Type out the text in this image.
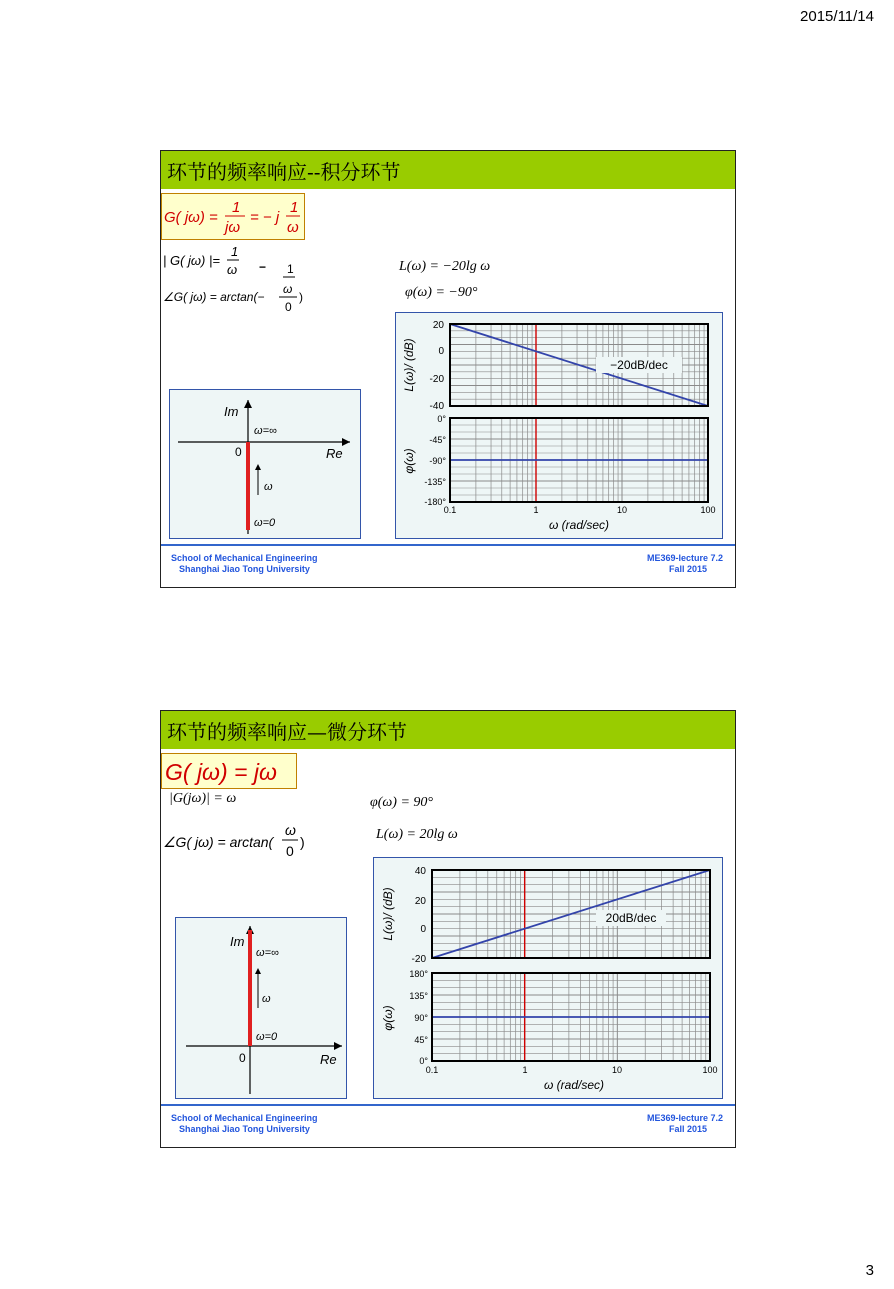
2015/11/14
环节的频率响应--积分环节
G( jω) =
1
jω
= − j
1
ω
| G( jω) |=
1
ω − 1
∠G( jω) = arctan(−
ω
0
)
L(ω) = −20lg ω
φ(ω) = −90°
Im
Re
0
ω=∞
ω
ω=0
20
0
-20
-40
0°
-45°
-90°
-135°
-180°
0.1	1	10	100
ω (rad/sec)
L(ω)/ (dB)
φ(ω)
−20dB/dec
School of Mechanical Engineering
Shanghai Jiao Tong University
ME369-lecture 7.2
Fall 2015
环节的频率响应—微分环节
G( jω) = jω
|G(jω)| = ω
∠G( jω) = arctan(
ω
0
)
φ(ω) = 90°
L(ω) = 20lg ω
Im
Re
0
ω=∞
ω
ω=0
40
20
0
-20
180°
135°
90°
45°
0°
0.1	1	10	100
ω (rad/sec)
L(ω)/ (dB)
φ(ω)
20dB/dec
School of Mechanical Engineering
Shanghai Jiao Tong University
ME369-lecture 7.2
Fall 2015
3
